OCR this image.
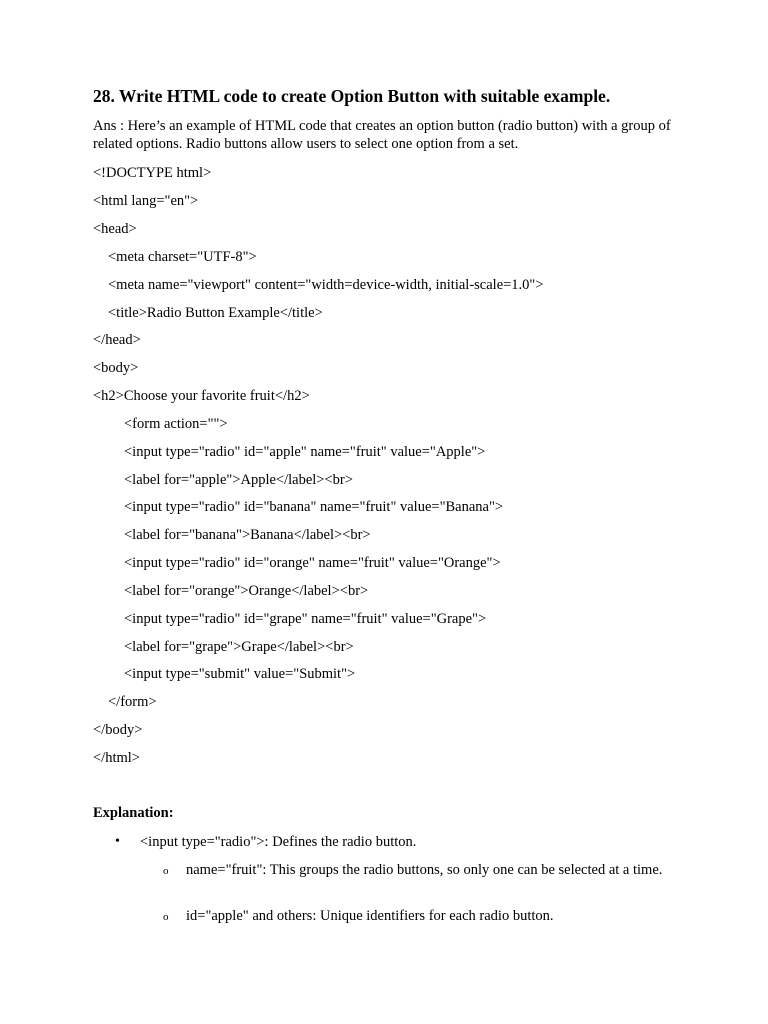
28. Write HTML code to create Option Button with suitable example.
Ans : Here’s an example of HTML code that creates an option button (radio button) with a group of related options. Radio buttons allow users to select one option from a set.
<!DOCTYPE html>
<html lang="en">
<head>
<meta charset="UTF-8">
<meta name="viewport" content="width=device-width, initial-scale=1.0">
<title>Radio Button Example</title>
</head>
<body>
<h2>Choose your favorite fruit</h2>
<form action="">
<input type="radio" id="apple" name="fruit" value="Apple">
<label for="apple">Apple</label><br>
<input type="radio" id="banana" name="fruit" value="Banana">
<label for="banana">Banana</label><br>
<input type="radio" id="orange" name="fruit" value="Orange">
<label for="orange">Orange</label><br>
<input type="radio" id="grape" name="fruit" value="Grape">
<label for="grape">Grape</label><br>
<input type="submit" value="Submit">
</form>
</body>
</html>
Explanation:
• <input type="radio">: Defines the radio button.
o name="fruit": This groups the radio buttons, so only one can be selected at a time.
o id="apple" and others: Unique identifiers for each radio button.
